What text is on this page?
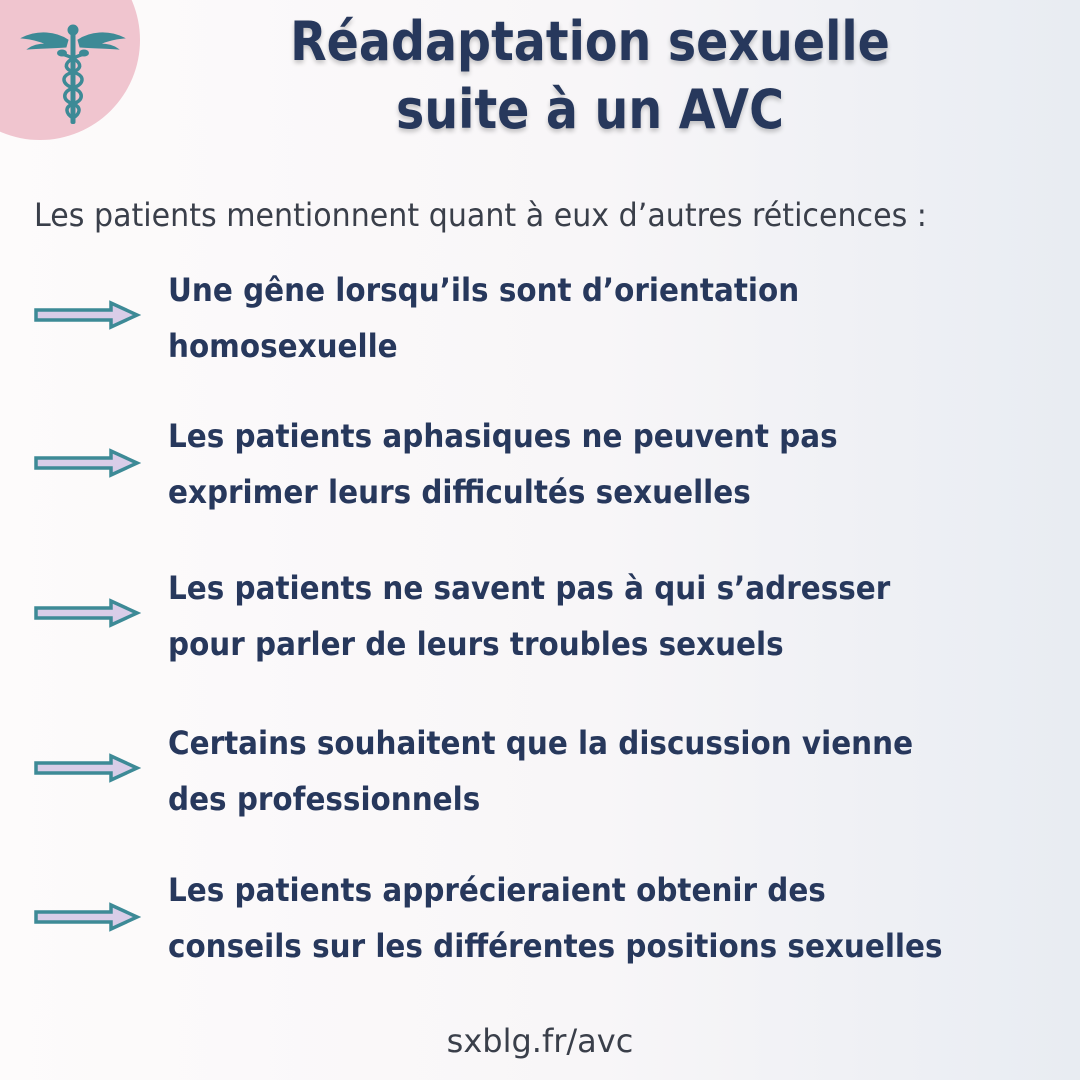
Réadaptation sexuelle
suite à un AVC
Les patients mentionnent quant à eux d’autres réticences :
Une gêne lorsqu’ils sont d’orientation
homosexuelle
Les patients aphasiques ne peuvent pas
exprimer leurs difficultés sexuelles
Les patients ne savent pas à qui s’adresser
pour parler de leurs troubles sexuels
Certains souhaitent que la discussion vienne
des professionnels
Les patients apprécieraient obtenir des
conseils sur les différentes positions sexuelles
sxblg.fr/avc
